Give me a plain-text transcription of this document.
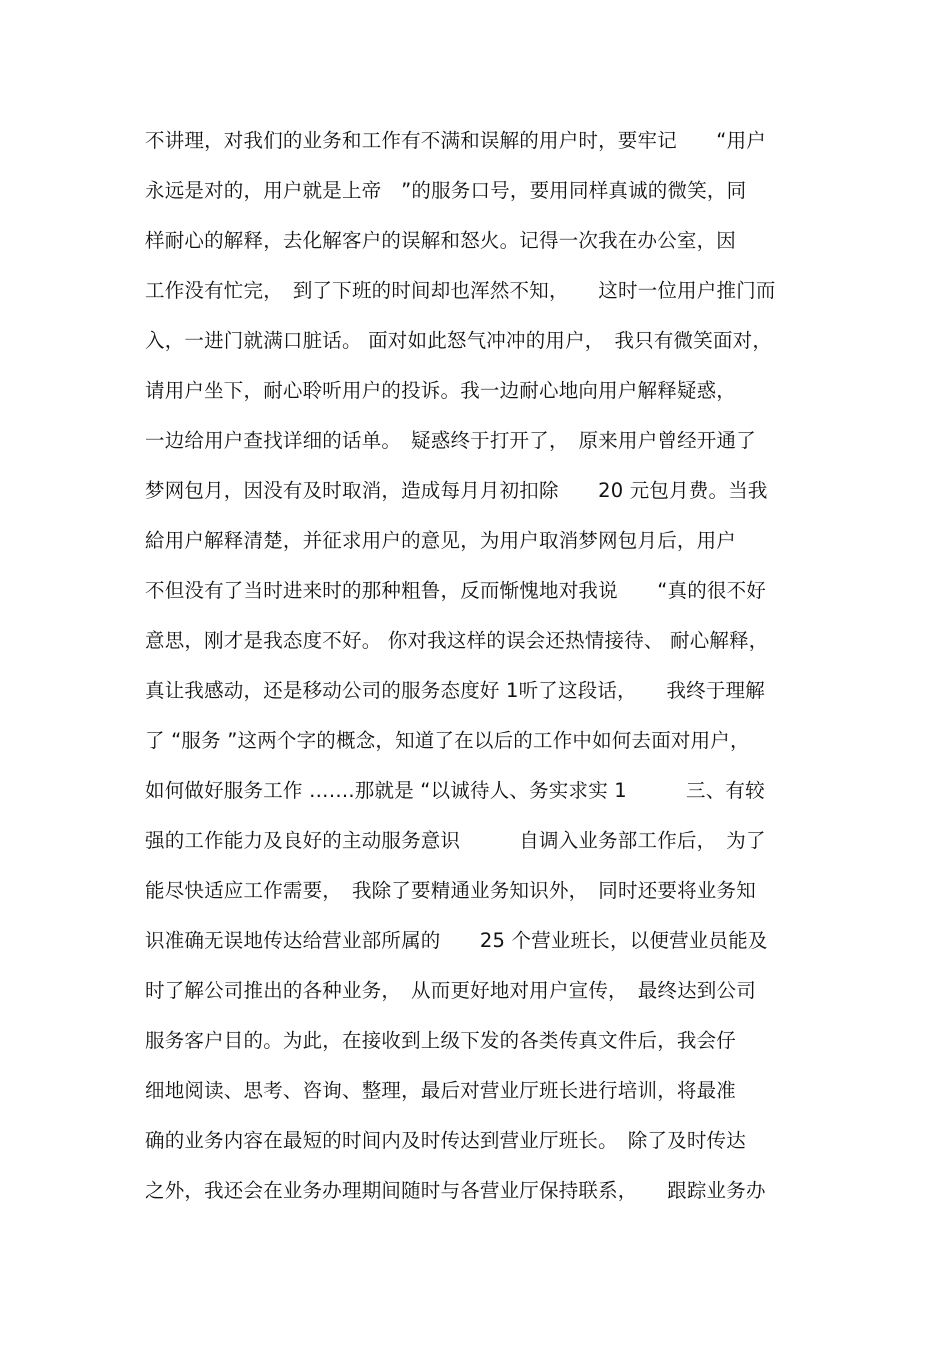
不讲理，对我们的业务和工作有不满和误解的用户时，要牢记　　“用户
永远是对的，用户就是上帝　”的服务口号，要用同样真诚的微笑，同
样耐心的解释，去化解客户的误解和怒火。记得一次我在办公室，因
工作没有忙完，　到了下班的时间却也浑然不知，　　这时一位用户推门而
入，一进门就满口脏话。 面对如此怒气冲冲的用户，　我只有微笑面对，
请用户坐下，耐心聆听用户的投诉。我一边耐心地向用户解释疑惑，
一边给用户查找详细的话单。　疑惑终于打开了，　原来用户曾经开通了
梦网包月，因没有及时取消，造成每月月初扣除　　20 元包月费。当我
給用户解释清楚，并征求用户的意见，为用户取消梦网包月后，用户
不但没有了当时进来时的那种粗鲁，反而惭愧地对我说　　“真的很不好
意思，刚才是我态度不好。 你对我这样的误会还热情接待、 耐心解释，
真让我感动，还是移动公司的服务态度好 1听了这段话，　　我终于理解
了 “服务 ”这两个字的概念，知道了在以后的工作中如何去面对用户，
如何做好服务工作 …….那就是 “以诚待人、务实求实 1　　　三、有较
强的工作能力及良好的主动服务意识　　　自调入业务部工作后，　为了
能尽快适应工作需要，　我除了要精通业务知识外，　同时还要将业务知
识准确无误地传达给营业部所属的　　25 个营业班长，以便营业员能及
时了解公司推出的各种业务，　从而更好地对用户宣传，　最终达到公司
服务客户目的。为此，在接收到上级下发的各类传真文件后，我会仔
细地阅读、思考、咨询、整理，最后对营业厅班长进行培训，将最准
确的业务内容在最短的时间内及时传达到营业厅班长。　除了及时传达
之外，我还会在业务办理期间随时与各营业厅保持联系，　　跟踪业务办
